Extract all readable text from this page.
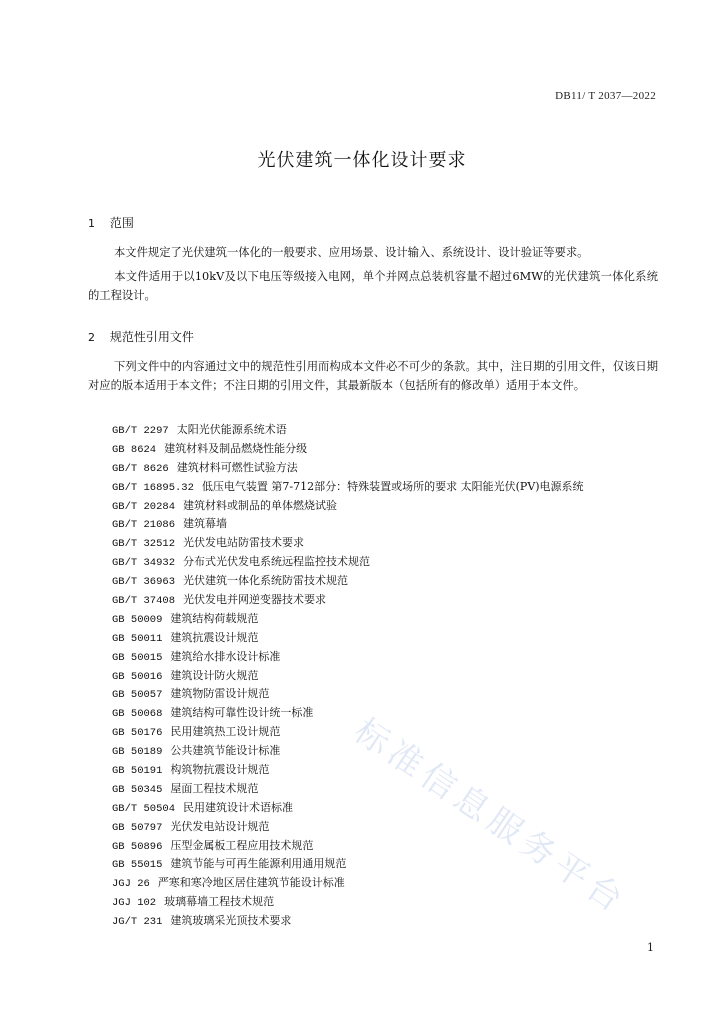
DB11/ T 2037—2022
光伏建筑一体化设计要求
1 范围
本文件规定了光伏建筑一体化的一般要求、应用场景、设计输入、系统设计、设计验证等要求。
本文件适用于以10kV及以下电压等级接入电网，单个并网点总装机容量不超过6MW的光伏建筑一体化系统的工程设计。
2 规范性引用文件
下列文件中的内容通过文中的规范性引用而构成本文件必不可少的条款。其中，注日期的引用文件，仅该日期对应的版本适用于本文件；不注日期的引用文件，其最新版本（包括所有的修改单）适用于本文件。
GB/T 2297 太阳光伏能源系统术语
GB 8624 建筑材料及制品燃烧性能分级
GB/T 8626 建筑材料可燃性试验方法
GB/T 16895.32 低压电气装置 第7-712部分：特殊装置或场所的要求 太阳能光伏(PV)电源系统
GB/T 20284 建筑材料或制品的单体燃烧试验
GB/T 21086 建筑幕墙
GB/T 32512 光伏发电站防雷技术要求
GB/T 34932 分布式光伏发电系统远程监控技术规范
GB/T 36963 光伏建筑一体化系统防雷技术规范
GB/T 37408 光伏发电并网逆变器技术要求
GB 50009 建筑结构荷载规范
GB 50011 建筑抗震设计规范
GB 50015 建筑给水排水设计标准
GB 50016 建筑设计防火规范
GB 50057 建筑物防雷设计规范
GB 50068 建筑结构可靠性设计统一标准
GB 50176 民用建筑热工设计规范
GB 50189 公共建筑节能设计标准
GB 50191 构筑物抗震设计规范
GB 50345 屋面工程技术规范
GB/T 50504 民用建筑设计术语标准
GB 50797 光伏发电站设计规范
GB 50896 压型金属板工程应用技术规范
GB 55015 建筑节能与可再生能源利用通用规范
JGJ 26 严寒和寒冷地区居住建筑节能设计标准
JGJ 102 玻璃幕墙工程技术规范
JG/T 231 建筑玻璃采光顶技术要求	标准信息服务平台
1
